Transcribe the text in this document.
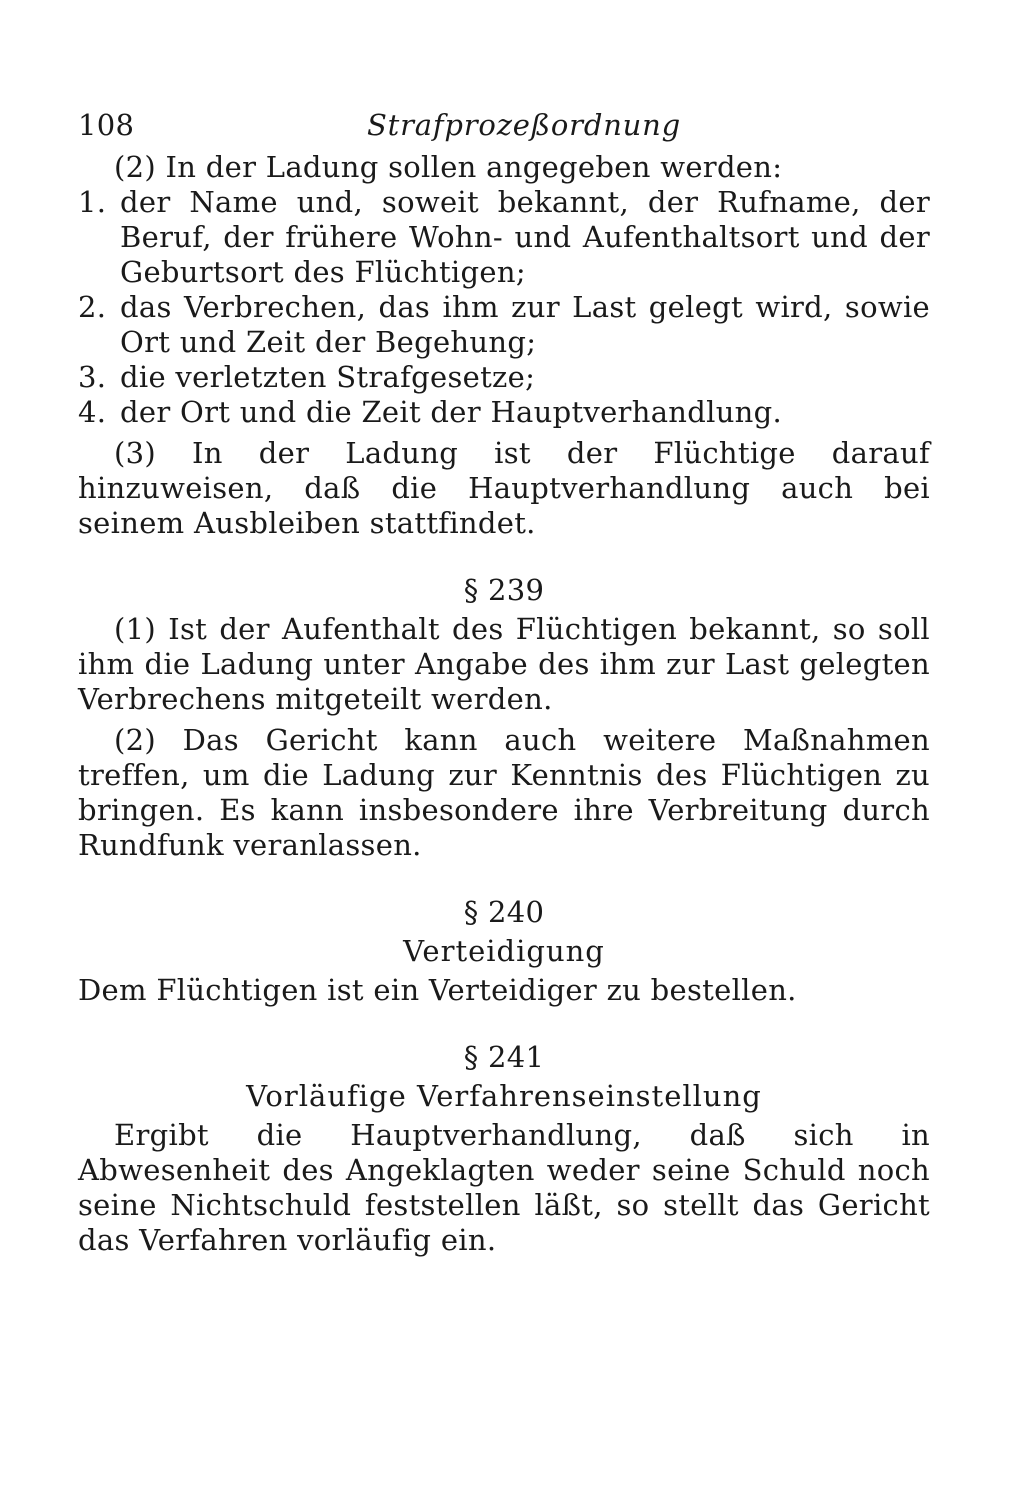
108	Strafprozeßordnung

(2) In der Ladung sollen angegeben werden:

1. der Name und, soweit bekannt, der Rufname, der Beruf, der frühere Wohn- und Aufenthaltsort und der Geburtsort des Flüchtigen;
2. das Verbrechen, das ihm zur Last gelegt wird, sowie Ort und Zeit der Begehung;
3. die verletzten Strafgesetze;
4. der Ort und die Zeit der Hauptverhandlung.

(3) In der Ladung ist der Flüchtige darauf hinzuweisen, daß die Hauptverhandlung auch bei seinem Ausbleiben stattfindet.

§ 239

(1) Ist der Aufenthalt des Flüchtigen bekannt, so soll ihm die Ladung unter Angabe des ihm zur Last gelegten Verbrechens mitgeteilt werden.

(2) Das Gericht kann auch weitere Maßnahmen treffen, um die Ladung zur Kenntnis des Flüchtigen zu bringen. Es kann insbesondere ihre Verbreitung durch Rundfunk veranlassen.

§ 240
Verteidigung

Dem Flüchtigen ist ein Verteidiger zu bestellen.

§ 241
Vorläufige Verfahrenseinstellung

Ergibt die Hauptverhandlung, daß sich in Abwesenheit des Angeklagten weder seine Schuld noch seine Nichtschuld feststellen läßt, so stellt das Gericht das Verfahren vorläufig ein.
